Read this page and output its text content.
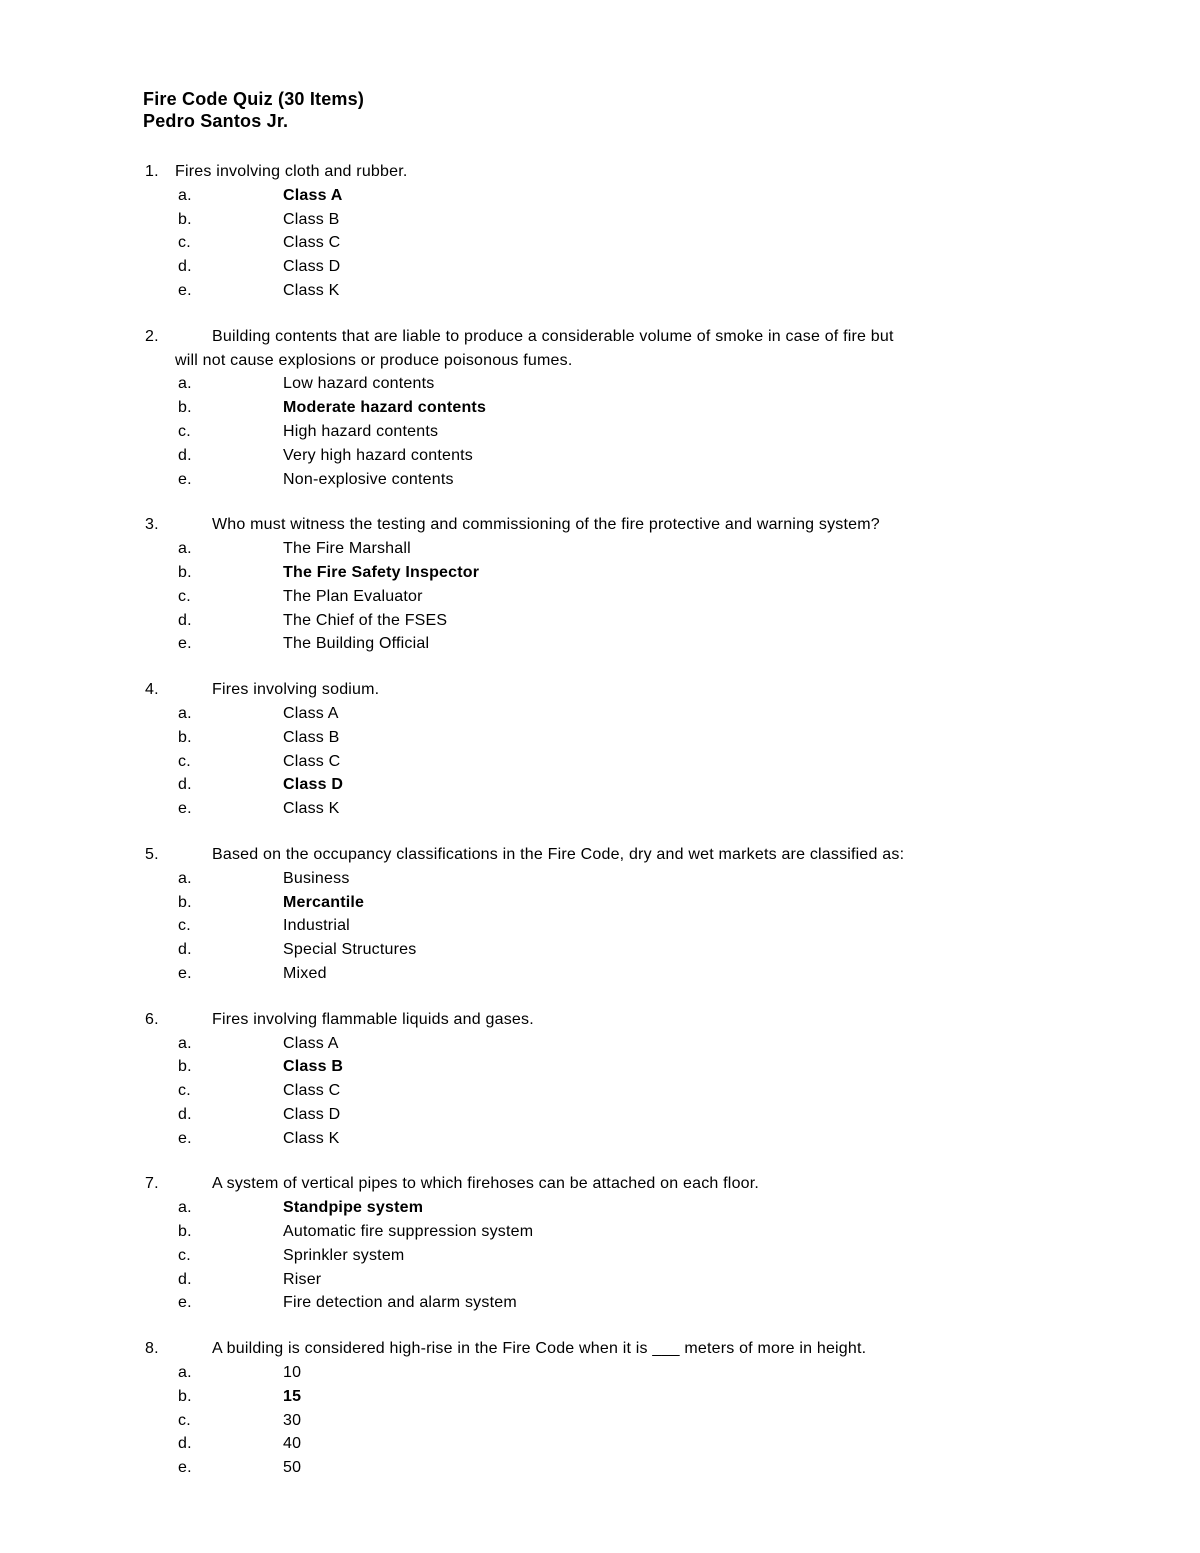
Fire Code Quiz (30 Items)
Pedro Santos Jr.
1. Fires involving cloth and rubber.
a.	Class A
b.	Class B
c.	Class C
d.	Class D
e.	Class K
2.	Building contents that are liable to produce a considerable volume of smoke in case of fire but
will not cause explosions or produce poisonous fumes.
a.	Low hazard contents
b.	Moderate hazard contents
c.	High hazard contents
d.	Very high hazard contents
e.	Non-explosive contents
3.	Who must witness the testing and commissioning of the fire protective and warning system?
a.	The Fire Marshall
b.	The Fire Safety Inspector
c.	The Plan Evaluator
d.	The Chief of the FSES
e.	The Building Official
4.	Fires involving sodium.
a.	Class A
b.	Class B
c.	Class C
d.	Class D
e.	Class K
5.	Based on the occupancy classifications in the Fire Code, dry and wet markets are classified as:
a.	Business
b.	Mercantile
c.	Industrial
d.	Special Structures
e.	Mixed
6.	Fires involving flammable liquids and gases.
a.	Class A
b.	Class B
c.	Class C
d.	Class D
e.	Class K
7.	A system of vertical pipes to which firehoses can be attached on each floor.
a.	Standpipe system
b.	Automatic fire suppression system
c.	Sprinkler system
d.	Riser
e.	Fire detection and alarm system
8.	A building is considered high-rise in the Fire Code when it is ___ meters of more in height.
a.	10
b.	15
c.	30
d.	40
e.	50
